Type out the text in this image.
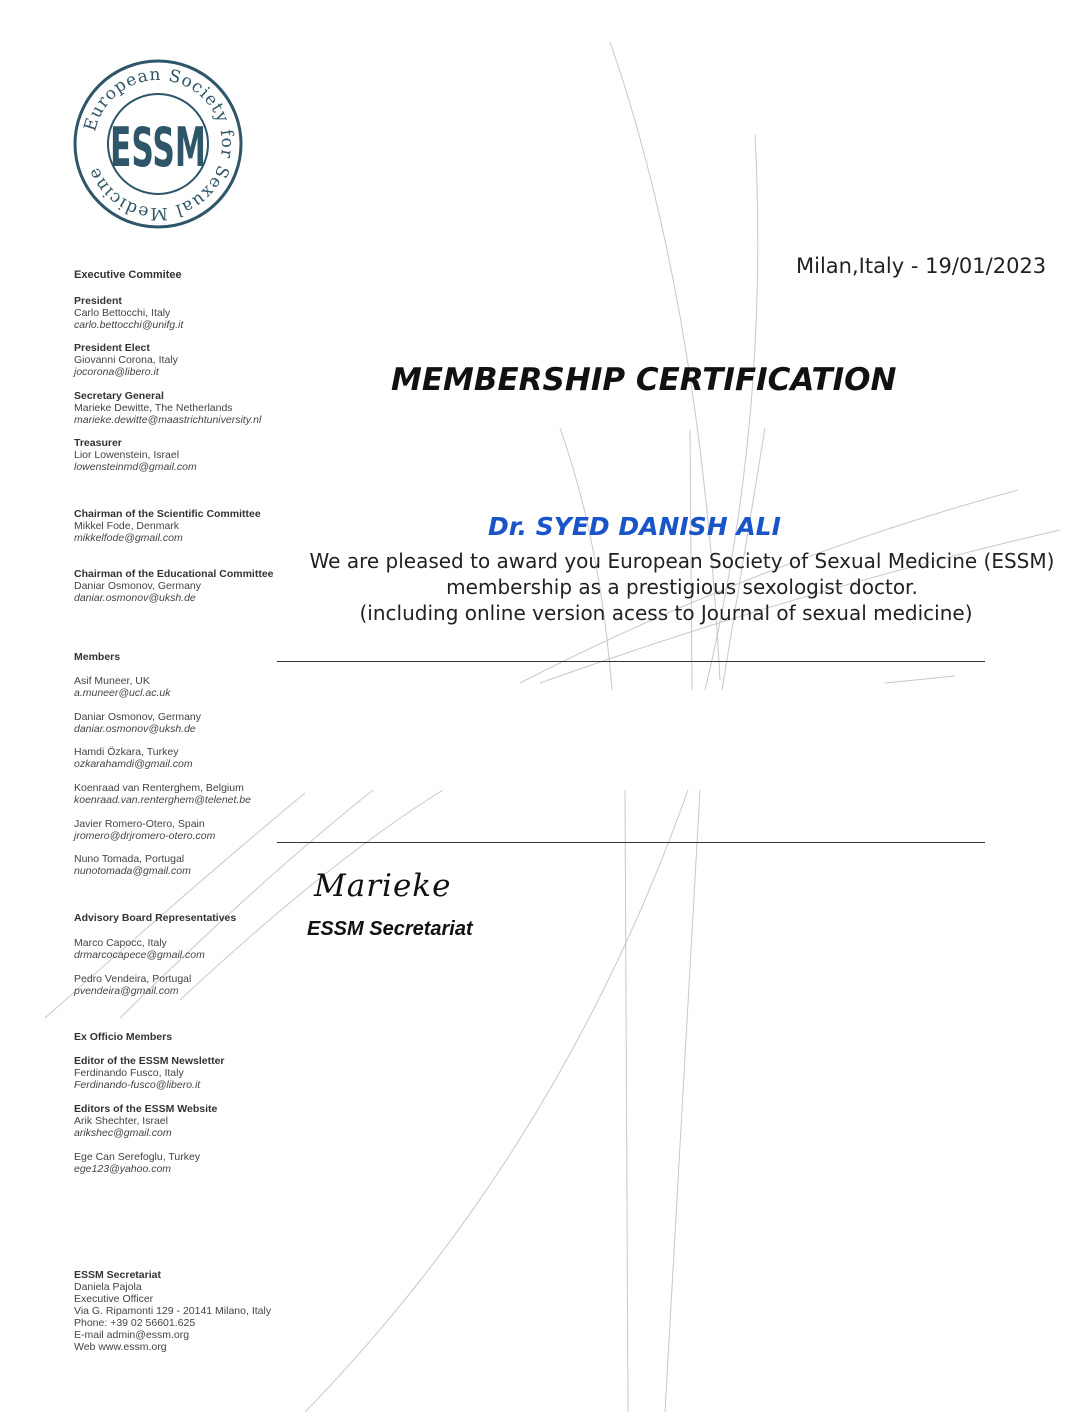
European Society for Sexual Medicine ESSM
Executive Commitee
President
Carlo Bettocchi, Italy
carlo.bettocchi@unifg.it
President Elect
Giovanni Corona, Italy
jocorona@libero.it
Secretary General
Marieke Dewitte, The Netherlands
marieke.dewitte@maastrichtuniversity.nl
Treasurer
Lior Lowenstein, Israel
lowensteinmd@gmail.com
Chairman of the Scientific Committee
Mikkel Fode, Denmark
mikkelfode@gmail.com
Chairman of the Educational Committee
Daniar Osmonov, Germany
daniar.osmonov@uksh.de
Members
Asif Muneer, UK
a.muneer@ucl.ac.uk
Daniar Osmonov, Germany
daniar.osmonov@uksh.de
Hamdi Özkara, Turkey
ozkarahamdi@gmail.com
Koenraad van Renterghem, Belgium
koenraad.van.renterghem@telenet.be
Javier Romero-Otero, Spain
jromero@drjromero-otero.com
Nuno Tomada, Portugal
nunotomada@gmail.com
Advisory Board Representatives
Marco Capocc, Italy
drmarcocapece@gmail.com
Pedro Vendeira, Portugal
pvendeira@gmail.com
Ex Officio Members
Editor of the ESSM Newsletter
Ferdinando Fusco, Italy
Ferdinando-fusco@libero.it
Editors of the ESSM Website
Arik Shechter, Israel
arikshec@gmail.com
Ege Can Serefoglu, Turkey
ege123@yahoo.com
ESSM Secretariat
Daniela Pajola
Executive Officer
Via G. Ripamonti 129 - 20141 Milano, Italy
Phone: +39 02 56601.625
E-mail admin@essm.org
Web www.essm.org
Milan,Italy - 19/01/2023
MEMBERSHIP CERTIFICATION
Dr. SYED DANISH ALI
We are pleased to award you European Society of Sexual Medicine (ESSM)
membership as a prestigious sexologist doctor.
(including online version acess to Journal of sexual medicine)
Marieke
ESSM Secretariat
